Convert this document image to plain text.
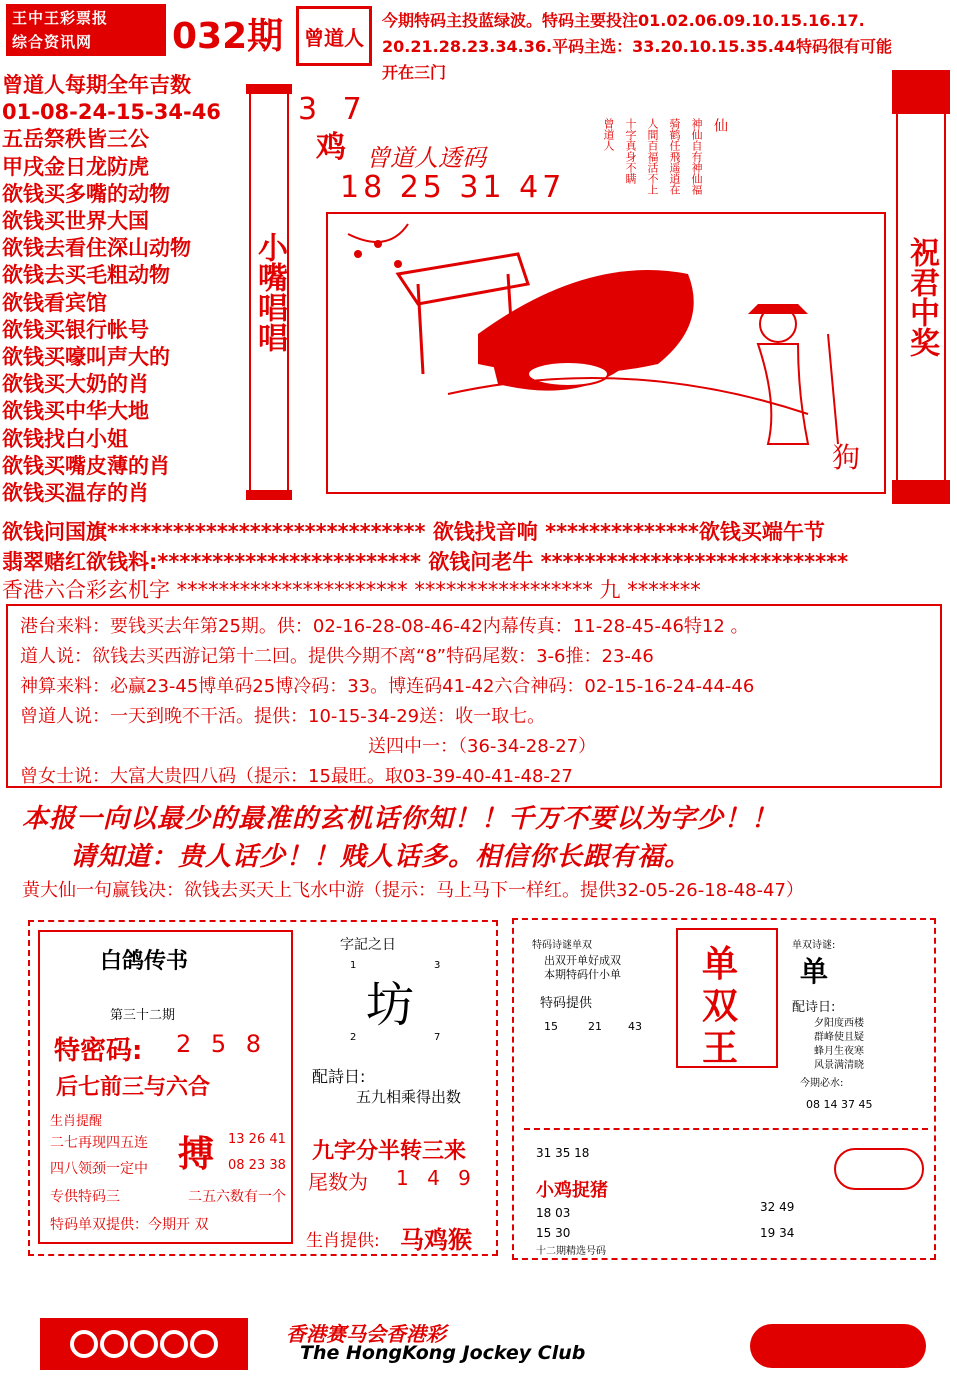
王中王彩票报
综合资讯网	032期	曾道人
今期特码主投蓝绿波。特码主要投注01.02.06.09.10.15.16.17.
20.21.28.23.34.36.平码主选：33.20.10.15.35.44特码很有可能
开在三门
曾道人每期全年吉数
01-08-24-15-34-46
五岳祭秩皆三公
甲戌金日龙防虎
欲钱买多嘴的动物
欲钱买世界大国
欲钱去看住深山动物
欲钱去买毛粗动物
欲钱看宾馆
欲钱买银行帐号
欲钱买嚎叫声大的
欲钱买大奶的肖
欲钱买中华大地
欲钱找白小姐
欲钱买嘴皮薄的肖
欲钱买温存的肖
小嘴唱唱	祝君中奖
3 7
鸡 曾道人透码
18 25 31 47
仙
神仙自有神仙福
骑鹤任飛遥逍在
人間百福活不上
十字真身不瞒
曾道人
狗
欲钱问国旗***************************** 欲钱找音响 **************欲钱买端午节
翡翠赌红欲钱料:************************ 欲钱问老牛 ****************************
香港六合彩玄机字 ********************** ***************** 九 *******
港台来料：要钱买去年第25期。供：02-16-28-08-46-42内幕传真：11-28-45-46特12 。
道人说：欲钱去买西游记第十二回。提供今期不离“8”特码尾数：3-6推：23-46
神算来料：必赢23-45博单码25博冷码：33。博连码41-42六合神码：02-15-16-24-44-46
曾道人说：一天到晚不干活。提供：10-15-34-29送：收一取七。
送四中一：（36-34-28-27）
曾女士说：大富大贵四八码（提示：15最旺。取03-39-40-41-48-27
本报一向以最少的最准的玄机话你知！！千万不要以为字少！！
请知道：贵人话少！！贱人话多。相信你长跟有福。
黄大仙一句赢钱决：欲钱去买天上飞水中游（提示：马上马下一样红。提供32-05-26-18-48-47）
白鸽传书
第三十二期
特密码: 2 5 8
后七前三与六合
生肖提醒
二七再现四五连
四八领颈一定中
专供特码三
特码单双提供：今期开 双
搏 13 26 41
08 23 38
二五六数有一个
字記之日
坊
1	3
2	7
配詩日:
五九相乘得出数
九字分半转三来
尾数为 1 4 9
生肖提供: 马鸡猴
特码诗谜单双
出双开单好成双
本期特码什小单
特码提供
15	21 43
单
双
王
单双诗谜:
单
配诗日:
夕阳度西楼
群峰使且疑
蜂月生夜寒
风景满清晓
今期必水:
08 14 37 45
31 35 18
小鸡捉猪
18 03
15 30
十二期精选号码
32 49
19 34
香港赛马会香港彩
The HongKong Jockey Club
